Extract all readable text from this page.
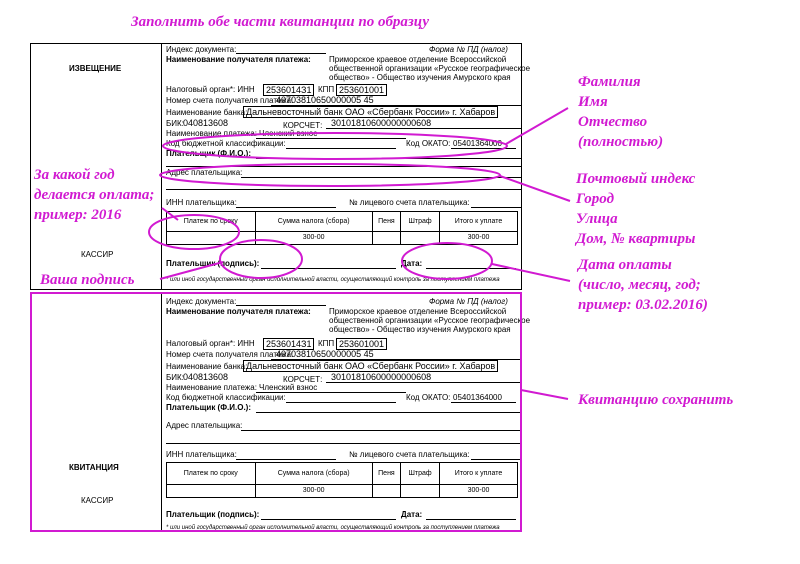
Заполнить обе части квитанции по образцу
ИЗВЕЩЕНИЕ
КАССИР
Индекс документа:	Форма № ПД (налог)
Наименование получателя платежа: Приморское краевое отделение Всероссийской
общественной организации «Русское географическое
общество» - Общество изучения Амурского края
Налоговый орган*: ИНН	2536014З1 КПП 253601001
Номер счета получателя платежа:
40703810650000005 45
Наименование банка:
Дальневосточный банк ОАО «Сбербанк России» г. Хабаров
БИК: 040813608	КОРСЧЕТ: 30101810600000000608
Наименование платежа: Членский взнос
Код бюджетной классификации:	Код ОКАТО: 05401364000
Плательщик (Ф.И.О.):
Адрес плательщика:
ИНН плательщика:	№ лицевого счета плательщика:
Платеж по сроку	Сумма налога (сбора)	Пеня	Штраф	Итого к уплате
	300-00			300-00
Плательщик (подпись):	Дата:
* или иной государственный орган исполнительной власти, осуществляющий контроль за поступлением платежа
КВИТАНЦИЯ
КАССИР
Индекс документа:	Форма № ПД (налог)
Наименование получателя платежа: Приморское краевое отделение Всероссийской
общественной организации «Русское географическое
общество» - Общество изучения Амурского края
Налоговый орган*: ИНН	2536014З1 КПП 253601001
Номер счета получателя платежа:
40703810650000005 45
Наименование банка:
Дальневосточный банк ОАО «Сбербанк России» г. Хабаров
БИК: 040813608	КОРСЧЕТ: 30101810600000000608
Наименование платежа: Членский взнос
Код бюджетной классификации:	Код ОКАТО: 05401364000
Плательщик (Ф.И.О.):
Адрес плательщика:
ИНН плательщика:	№ лицевого счета плательщика:
Платеж по сроку	Сумма налога (сбора)	Пеня	Штраф	Итого к уплате
	300-00			300-00
Плательщик (подпись):	Дата:
* или иной государственный орган исполнительной власти, осуществляющий контроль за поступлением платежа
Фамилия
Имя
Отчество
(полностью)
Почтовый индекс
Город
Улица
Дом, № квартиры
За какой год
делается оплата;
пример: 2016
Ваша подпись
Дата оплаты
(число, месяц, год;
пример: 03.02.2016)
Квитанцию сохранить
